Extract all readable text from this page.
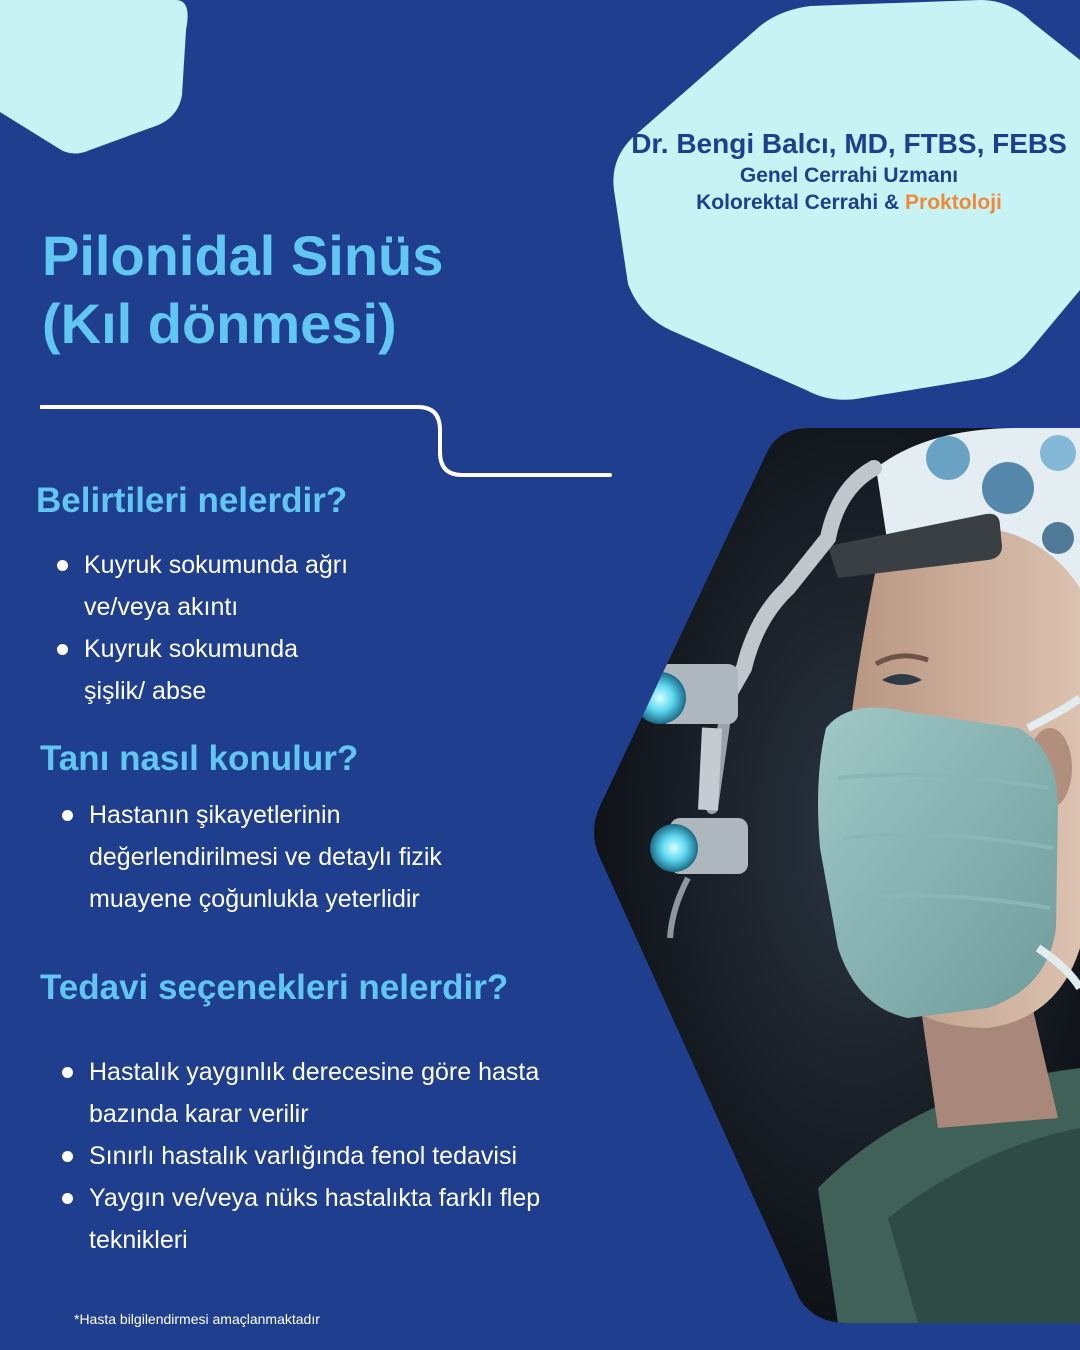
Dr. Bengi Balcı, MD, FTBS, FEBS
Genel Cerrahi Uzmanı
Kolorektal Cerrahi & Proktoloji
Pilonidal Sinüs
(Kıl dönmesi)
Belirtileri nelerdir?
Kuyruk sokumunda ağrı
ve/veya akıntı
Kuyruk sokumunda
şişlik/ abse
Tanı nasıl konulur?
Hastanın şikayetlerinin
değerlendirilmesi ve detaylı fizik
muayene çoğunlukla yeterlidir
Tedavi seçenekleri nelerdir?
Hastalık yaygınlık derecesine göre hasta
bazında karar verilir
Sınırlı hastalık varlığında fenol tedavisi
Yaygın ve/veya nüks hastalıkta farklı flep
teknikleri
*Hasta bilgilendirmesi amaçlanmaktadır
